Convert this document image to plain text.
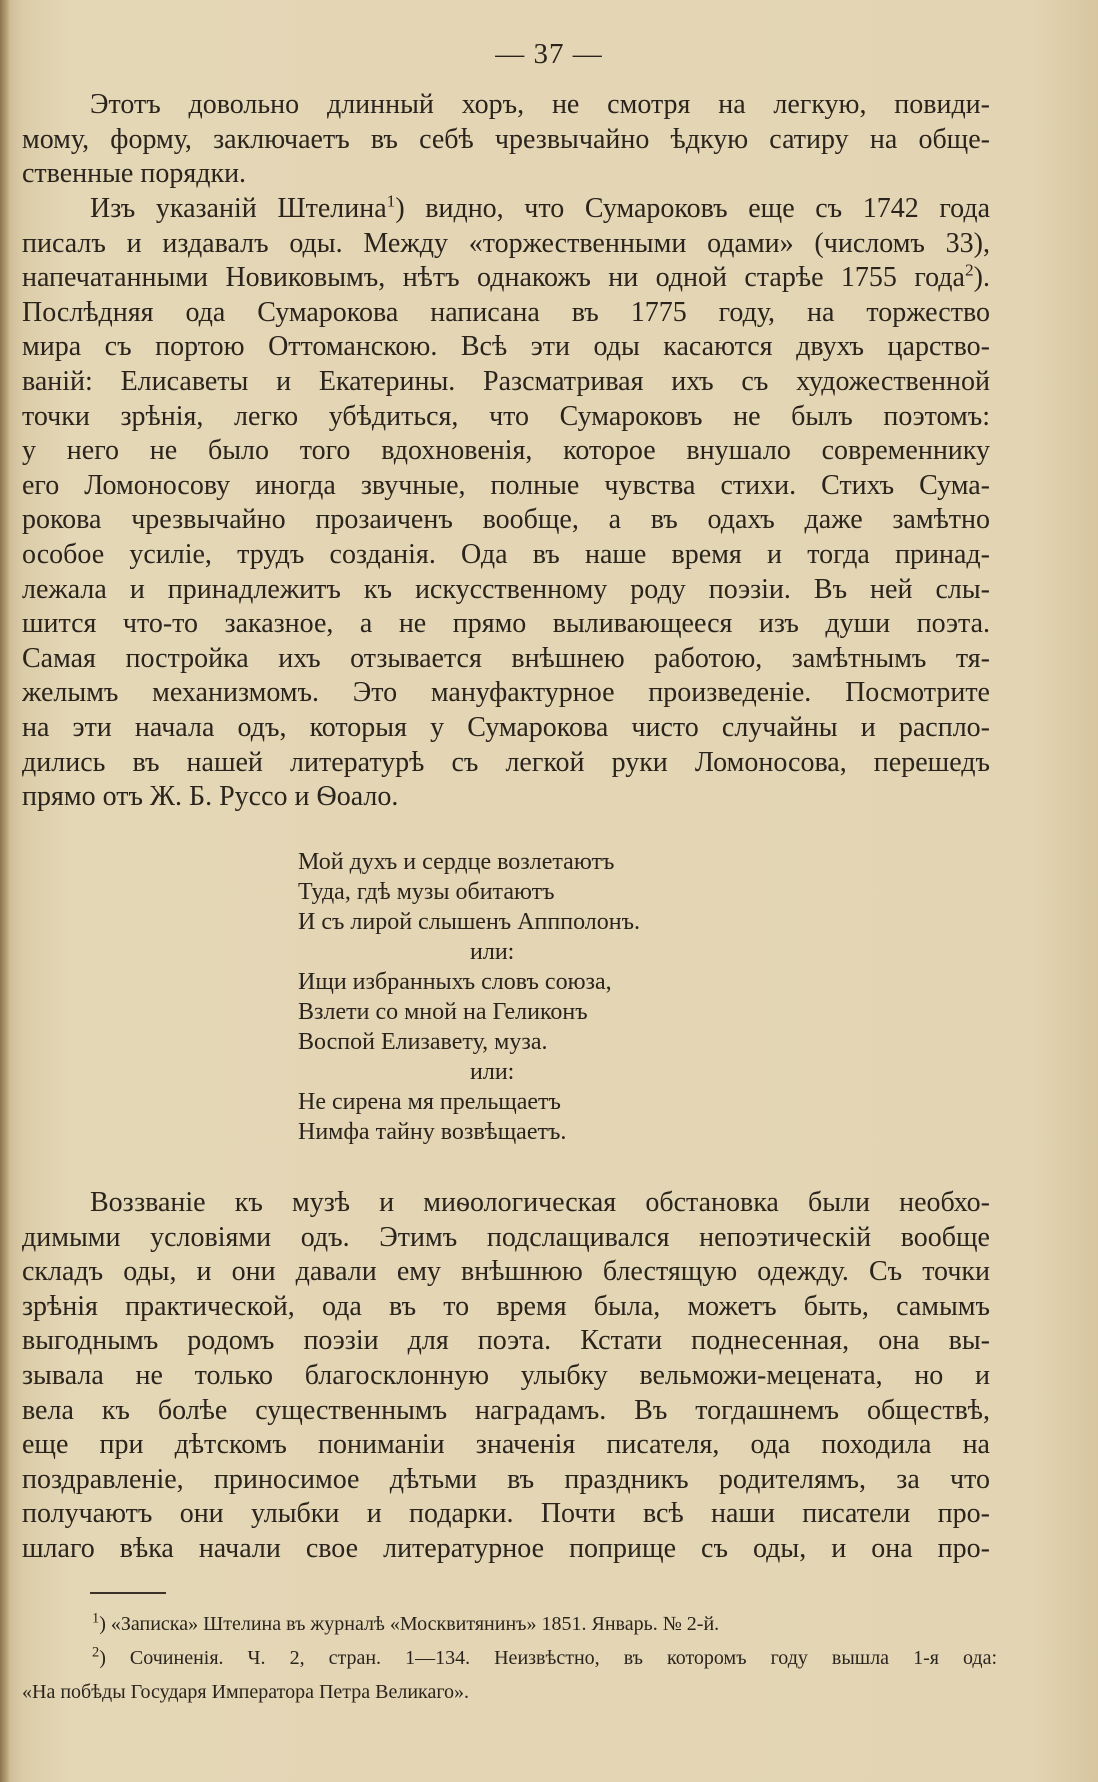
— 37 —
Этотъ довольно длинный хоръ, не смотря на легкую, повиди-
мому, форму, заключаетъ въ себѣ чрезвычайно ѣдкую сатиру на обще-
ственные порядки.
Изъ указаній Штелина$^1$) видно, что Сумароковъ еще съ 1742 года
писалъ и издавалъ оды. Между «торжественными одами» (числомъ 33),
напечатанными Новиковымъ, нѣтъ однакожъ ни одной старѣе 1755 года$^2$).
Послѣдняя ода Сумарокова написана въ 1775 году, на торжество
мира съ портою Оттоманскою. Всѣ эти оды касаются двухъ царство-
ваній: Елисаветы и Екатерины. Разсматривая ихъ съ художественной
точки зрѣнія, легко убѣдиться, что Сумароковъ не былъ поэтомъ:
у него не было того вдохновенія, которое внушало современнику
его Ломоносову иногда звучные, полные чувства стихи. Стихъ Сума-
рокова чрезвычайно прозаиченъ вообще, а въ одахъ даже замѣтно
особое усиліе, трудъ созданія. Ода въ наше время и тогда принад-
лежала и принадлежитъ къ искусственному роду поэзіи. Въ ней слы-
шится что-то заказное, а не прямо выливающееся изъ души поэта.
Самая постройка ихъ отзывается внѣшнею работою, замѣтнымъ тя-
желымъ механизмомъ. Это мануфактурное произведеніе. Посмотрите
на эти начала одъ, которыя у Сумарокова чисто случайны и распло-
дились въ нашей литературѣ съ легкой руки Ломоносова, перешедъ
прямо отъ Ж. Б. Руссо и Ѳоало.
Мой духъ и сердце возлетаютъ
Туда, гдѣ музы обитаютъ
И съ лирой слышенъ Аппполонъ.
или:
Ищи избранныхъ словъ союза,
Взлети со мной на Геликонъ
Воспой Елизавету, муза.
или:
Не сирена мя прельщаетъ
Нимфа тайну возвѣщаетъ.
Воззваніе къ музѣ и миѳологическая обстановка были необхо-
димыми условіями одъ. Этимъ подслащивался непоэтическій вообще
складъ оды, и они давали ему внѣшнюю блестящую одежду. Съ точки
зрѣнія практической, ода въ то время была, можетъ быть, самымъ
выгоднымъ родомъ поэзіи для поэта. Кстати поднесенная, она вы-
зывала не только благосклонную улыбку вельможи-мецената, но и
вела къ болѣе существеннымъ наградамъ. Въ тогдашнемъ обществѣ,
еще при дѣтскомъ пониманіи значенія писателя, ода походила на
поздравленіе, приносимое дѣтьми въ праздникъ родителямъ, за что
получаютъ они улыбки и подарки. Почти всѣ наши писатели про-
шлаго вѣка начали свое литературное поприще съ оды, и она про-
$^1$) «Записка» Штелина въ журналѣ «Москвитянинъ» 1851. Январь. № 2-й.
$^2$) Сочиненія. Ч. 2, стран. 1—134. Неизвѣстно, въ которомъ году вышла 1-я ода:
«На побѣды Государя Императора Петра Великаго».
